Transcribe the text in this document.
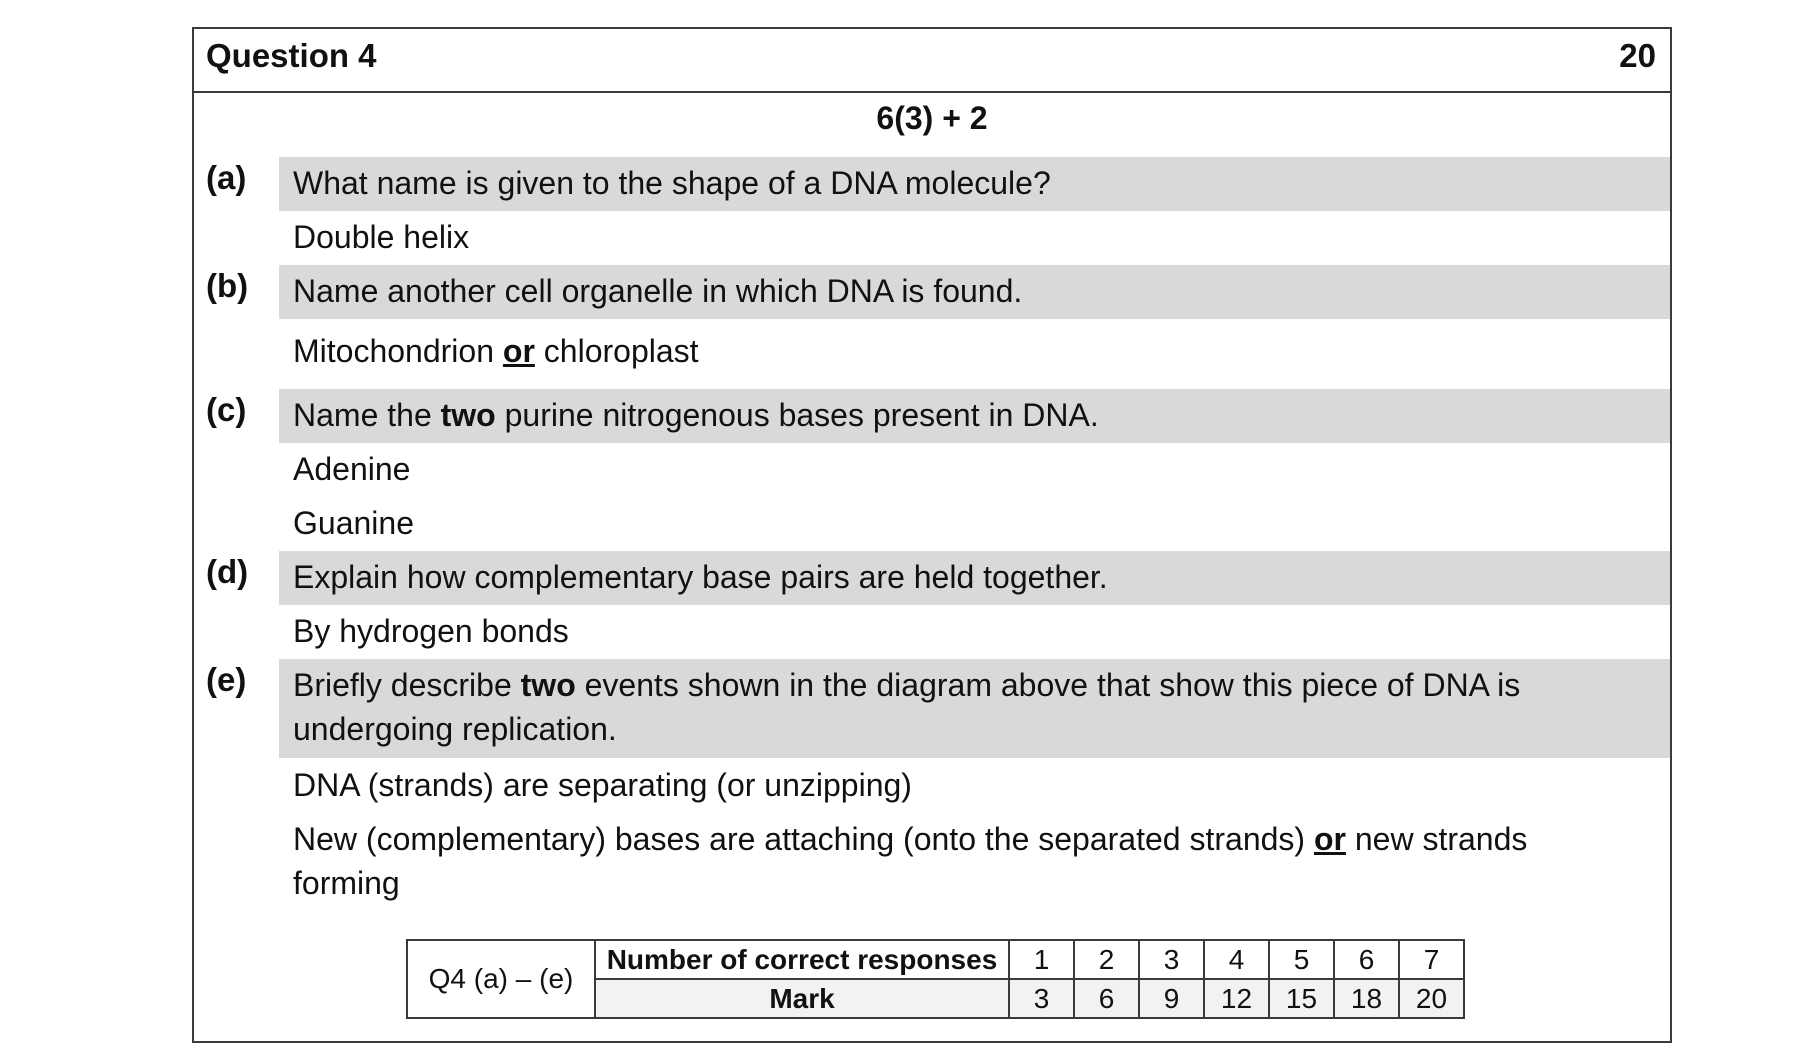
Question 4	20
6(3) + 2
(a)	What name is given to the shape of a DNA molecule?
Double helix
(b)	Name another cell organelle in which DNA is found.
Mitochondrion or chloroplast
(c)	Name the two purine nitrogenous bases present in DNA.
Adenine
Guanine
(d)	Explain how complementary base pairs are held together.
By hydrogen bonds
(e)	Briefly describe two events shown in the diagram above that show this piece of DNA is undergoing replication.
DNA (strands) are separating (or unzipping)
New (complementary) bases are attaching (onto the separated strands) or new strands forming
Q4 (a) – (e)	Number of correct responses	1	2	3	4	5	6	7
	Mark	3	6	9	12	15	18	20
